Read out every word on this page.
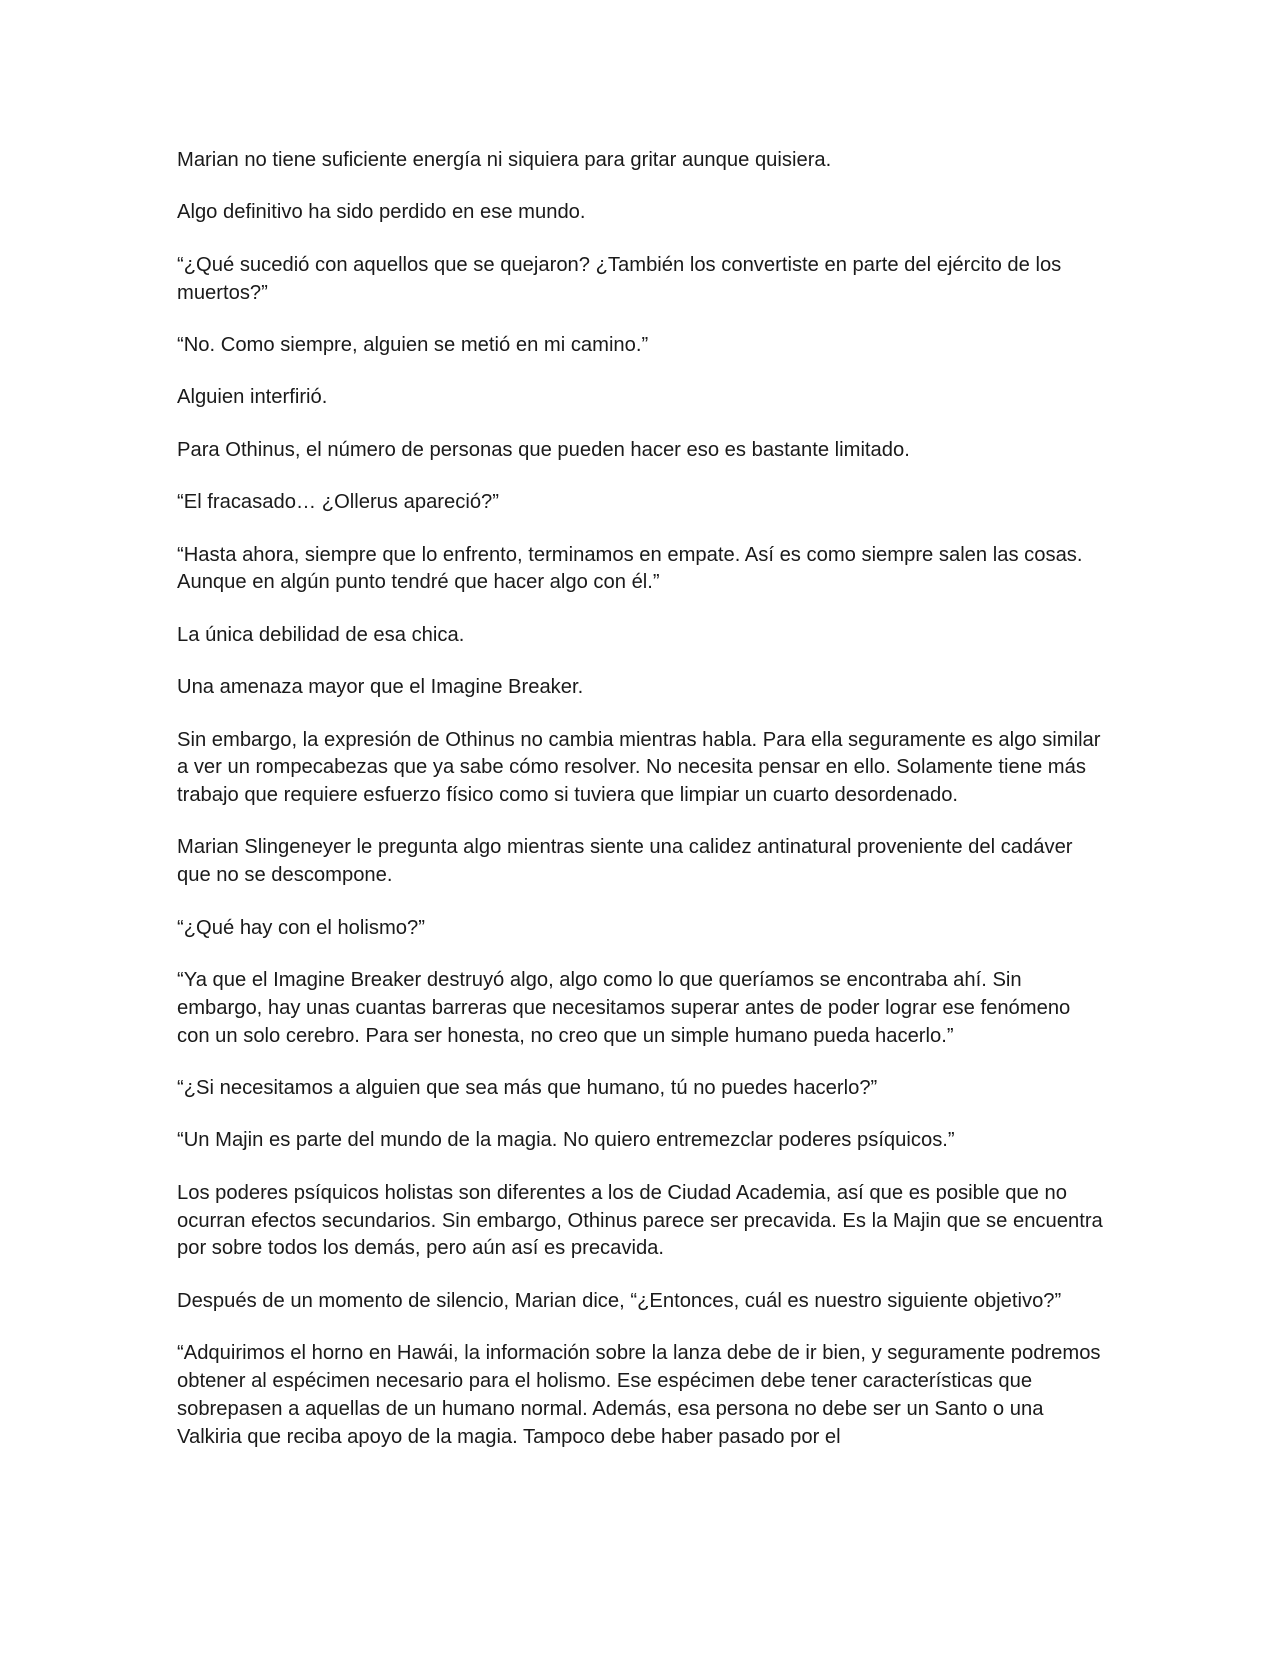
Marian no tiene suficiente energía ni siquiera para gritar aunque quisiera.

Algo definitivo ha sido perdido en ese mundo.

“¿Qué sucedió con aquellos que se quejaron? ¿También los convertiste en parte del ejército de los muertos?”

“No. Como siempre, alguien se metió en mi camino.”

Alguien interfirió.

Para Othinus, el número de personas que pueden hacer eso es bastante limitado.

“El fracasado… ¿Ollerus apareció?”

“Hasta ahora, siempre que lo enfrento, terminamos en empate. Así es como siempre salen las cosas. Aunque en algún punto tendré que hacer algo con él.”

La única debilidad de esa chica.

Una amenaza mayor que el Imagine Breaker.

Sin embargo, la expresión de Othinus no cambia mientras habla. Para ella seguramente es algo similar a ver un rompecabezas que ya sabe cómo resolver. No necesita pensar en ello. Solamente tiene más trabajo que requiere esfuerzo físico como si tuviera que limpiar un cuarto desordenado.

Marian Slingeneyer le pregunta algo mientras siente una calidez antinatural proveniente del cadáver que no se descompone.

“¿Qué hay con el holismo?”

“Ya que el Imagine Breaker destruyó algo, algo como lo que queríamos se encontraba ahí. Sin embargo, hay unas cuantas barreras que necesitamos superar antes de poder lograr ese fenómeno con un solo cerebro. Para ser honesta, no creo que un simple humano pueda hacerlo.”

“¿Si necesitamos a alguien que sea más que humano, tú no puedes hacerlo?”

“Un Majin es parte del mundo de la magia. No quiero entremezclar poderes psíquicos.”

Los poderes psíquicos holistas son diferentes a los de Ciudad Academia, así que es posible que no ocurran efectos secundarios. Sin embargo, Othinus parece ser precavida. Es la Majin que se encuentra por sobre todos los demás, pero aún así es precavida.

Después de un momento de silencio, Marian dice, “¿Entonces, cuál es nuestro siguiente objetivo?”

“Adquirimos el horno en Hawái, la información sobre la lanza debe de ir bien, y seguramente podremos obtener al espécimen necesario para el holismo. Ese espécimen debe tener características que sobrepasen a aquellas de un humano normal. Además, esa persona no debe ser un Santo o una Valkiria que reciba apoyo de la magia. Tampoco debe haber pasado por el
